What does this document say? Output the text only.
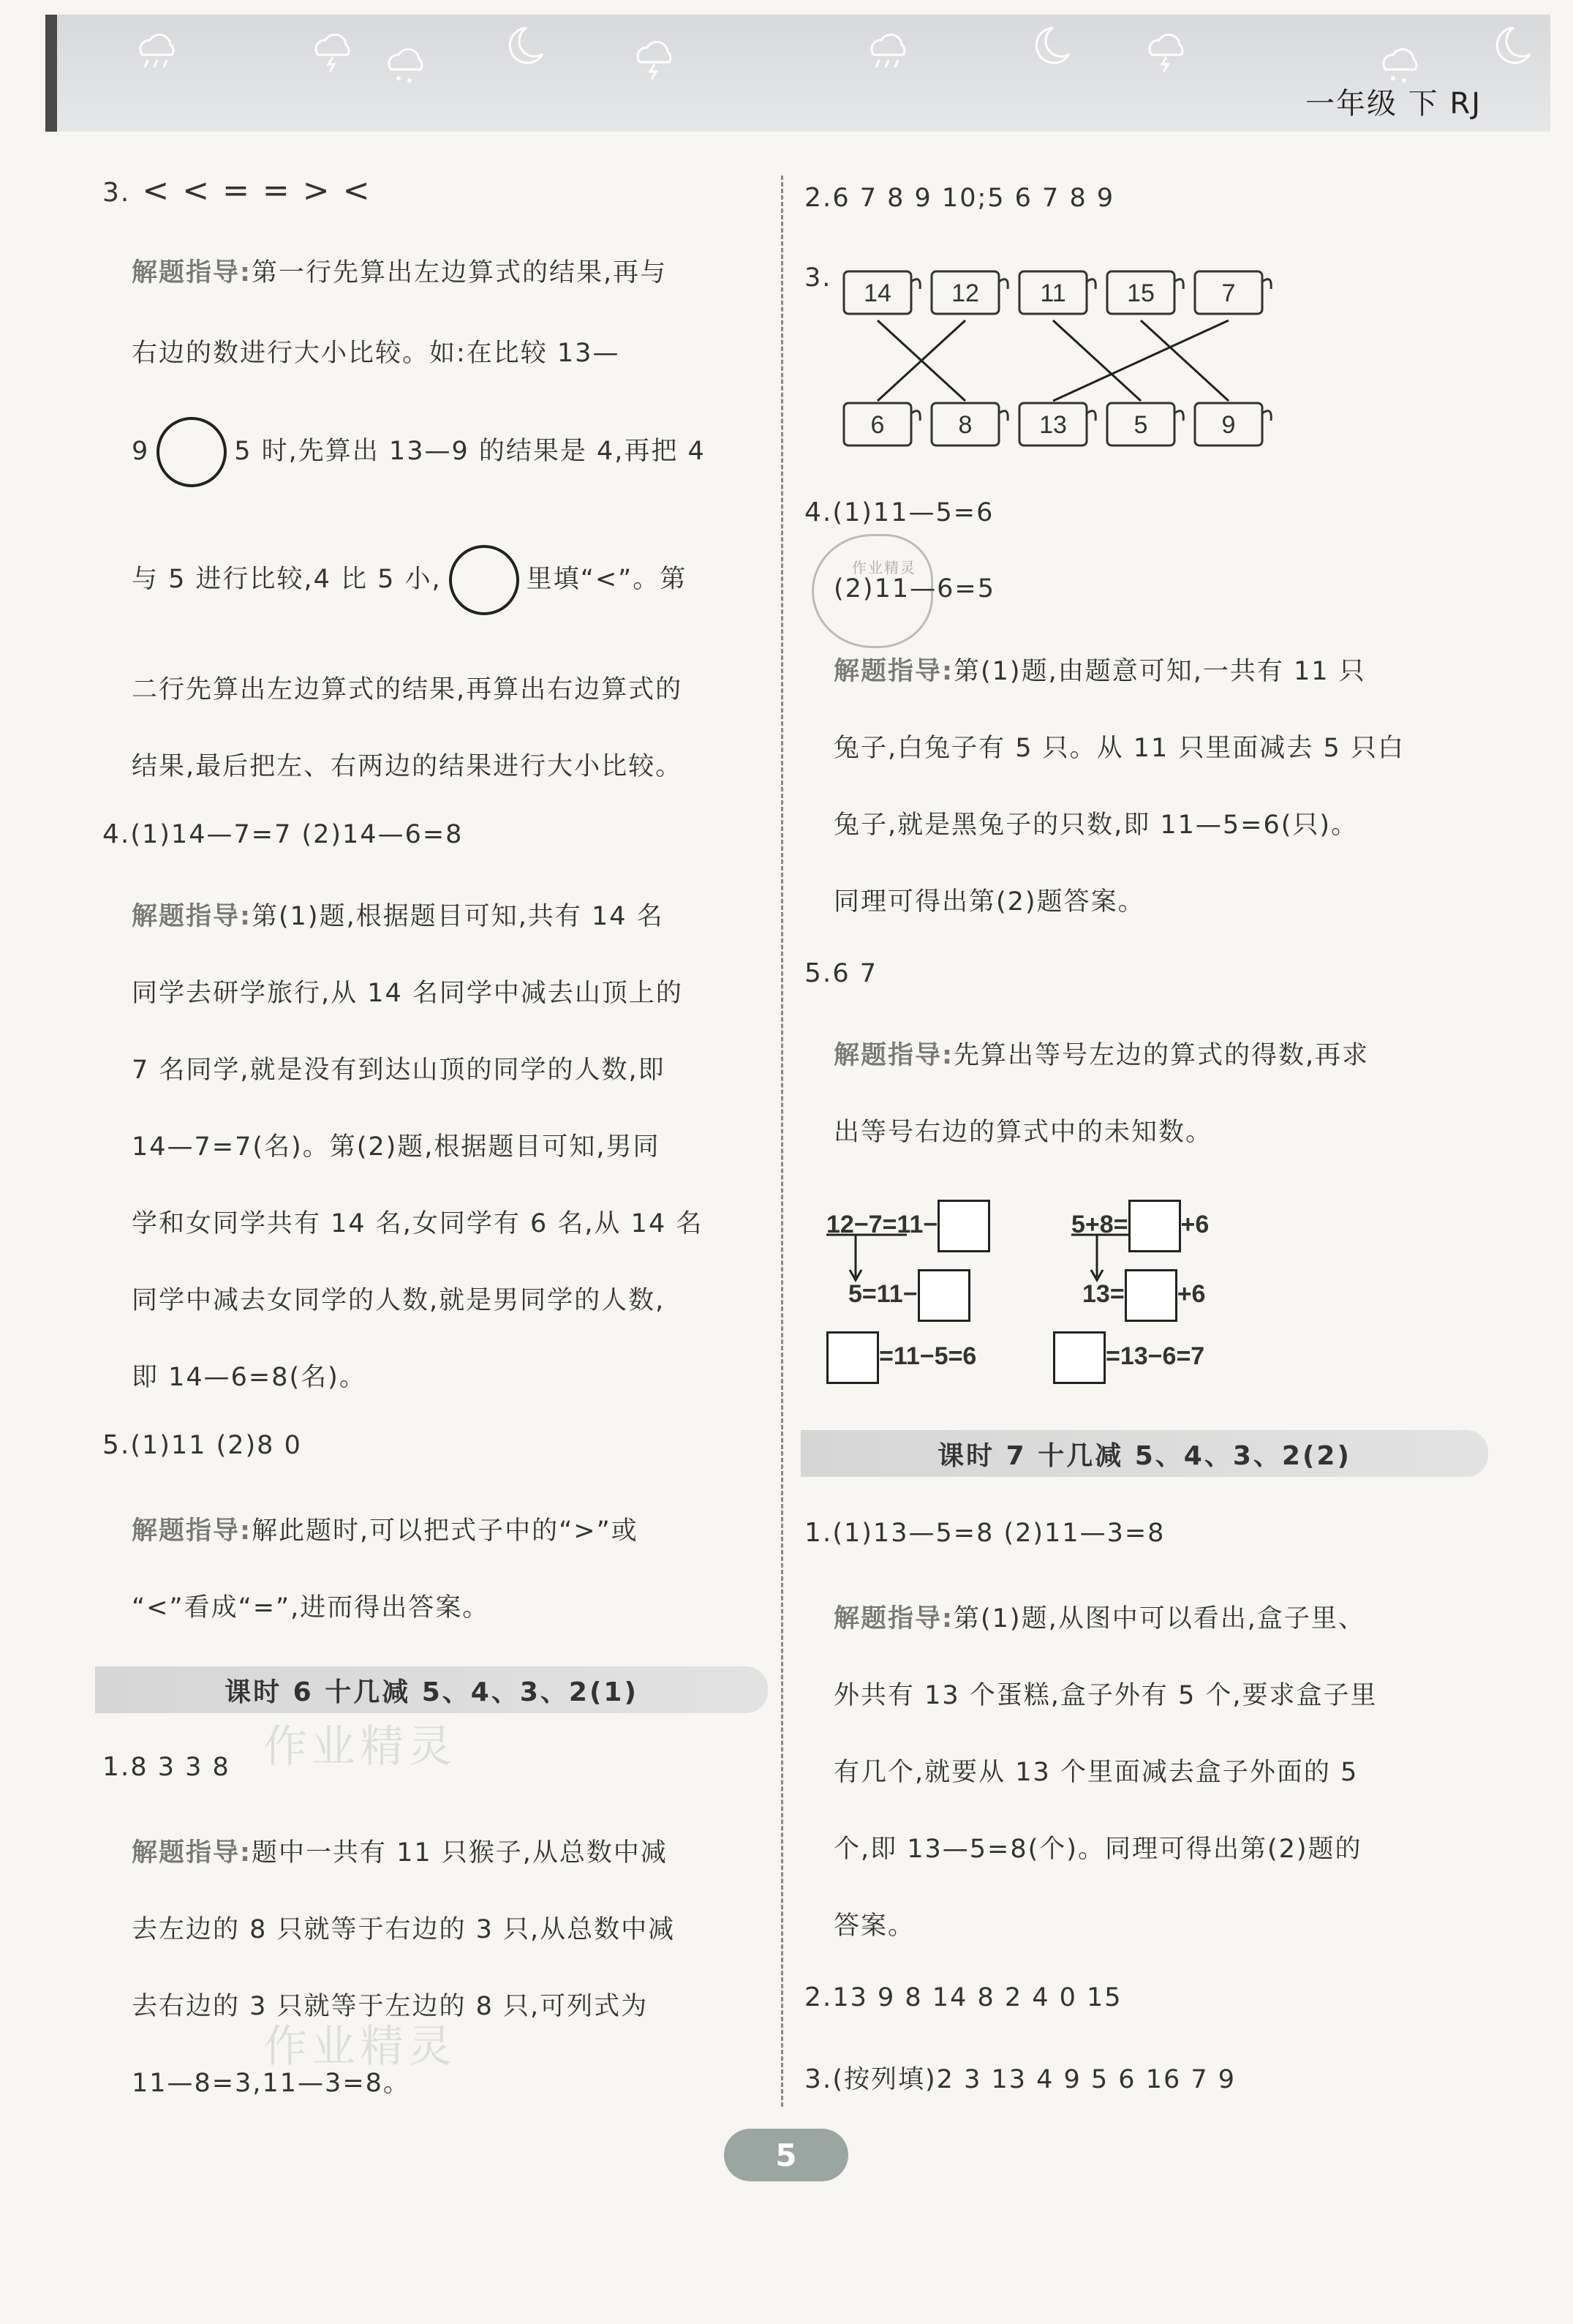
一年级 下 RJ
3. < < = = > <
解题指导:第一行先算出左边算式的结果,再与
右边的数进行大小比较。如:在比较 13—
9	5 时,先算出 13—9 的结果是 4,再把 4
与 5 进行比较,4 比 5 小,	里填“<”。第
二行先算出左边算式的结果,再算出右边算式的
结果,最后把左、右两边的结果进行大小比较。
4.(1)14—7=7 (2)14—6=8
解题指导:第(1)题,根据题目可知,共有 14 名
同学去研学旅行,从 14 名同学中减去山顶上的
7 名同学,就是没有到达山顶的同学的人数,即
14—7=7(名)。第(2)题,根据题目可知,男同
学和女同学共有 14 名,女同学有 6 名,从 14 名
同学中减去女同学的人数,就是男同学的人数,
即 14—6=8(名)。
5.(1)11 (2)8 0
解题指导:解此题时,可以把式子中的“>”或
“<”看成“=”,进而得出答案。
课时 6 十几减 5、4、3、2(1)
作业精灵
作业精灵
1.8 3 3 8
解题指导:题中一共有 11 只猴子,从总数中减
去左边的 8 只就等于右边的 3 只,从总数中减
去右边的 3 只就等于左边的 8 只,可列式为
11—8=3,11—3=8。
2.6 7 8 9 10;5 6 7 8 9
3.
14	12	11	15	7
6	8	13	5	9
4.(1)11—5=6
作业精灵
(2)11—6=5
解题指导:第(1)题,由题意可知,一共有 11 只
兔子,白兔子有 5 只。从 11 只里面减去 5 只白
兔子,就是黑兔子的只数,即 11—5=6(只)。
同理可得出第(2)题答案。
5.6 7
解题指导:先算出等号左边的算式的得数,再求
出等号右边的算式中的未知数。
12−7=11−
5=11−
=11−5=6
5+8= +6
13= +6
=13−6=7
课时 7 十几减 5、4、3、2(2)
1.(1)13—5=8 (2)11—3=8
解题指导:第(1)题,从图中可以看出,盒子里、
外共有 13 个蛋糕,盒子外有 5 个,要求盒子里
有几个,就要从 13 个里面减去盒子外面的 5
个,即 13—5=8(个)。同理可得出第(2)题的
答案。
2.13 9 8 14 8 2 4 0 15
3.(按列填)2 3 13 4 9 5 6 16 7 9
5
